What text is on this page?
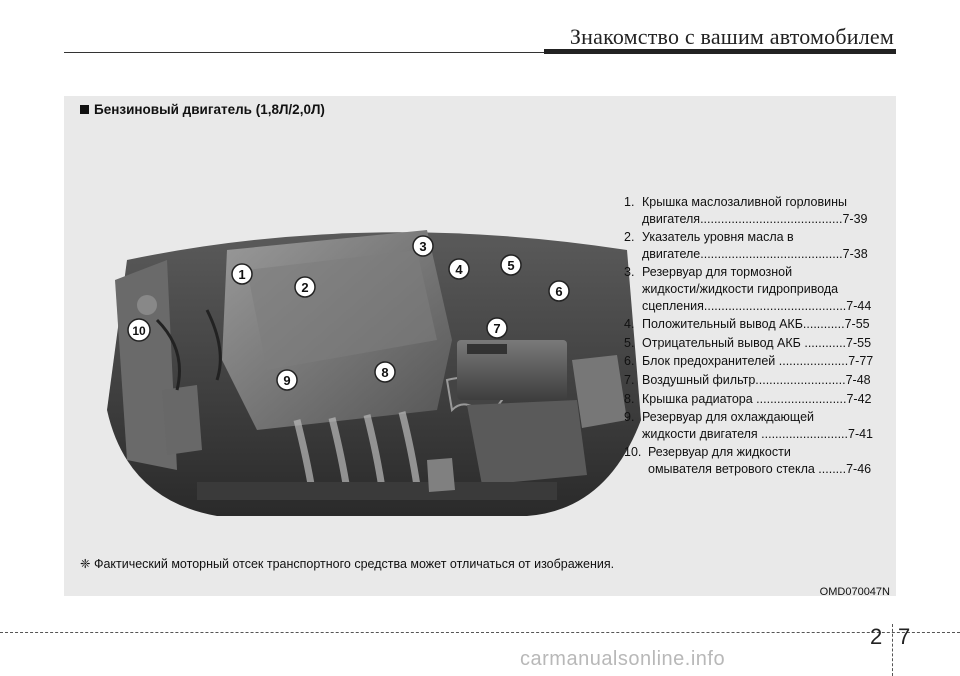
Знакомство с вашим автомобилем
Бензиновый двигатель (1,8Л/2,0Л)
1
2
3
4	5
6
7
8
9
10
1. Крышка маслозаливной горловины
двигателя.........................................7-39
2. Указатель уровня масла в
двигателе.........................................7-38
3. Резервуар для тормозной
жидкости/жидкости гидропривода
сцепления.........................................7-44
4. Положительный вывод АКБ............7-55
5. Отрицательный вывод АКБ ............7-55
6. Блок предохранителей ....................7-77
7. Воздушный фильтр..........................7-48
8. Крышка радиатора ..........................7-42
9. Резервуар для охлаждающей
жидкости двигателя .........................7-41
10. Резервуар для жидкости
омывателя ветрового стекла ........7-46
❈ Фактический моторный отсек транспортного средства может отличаться от изображения.
OMD070047N
2 7
carmanualsonline.info
